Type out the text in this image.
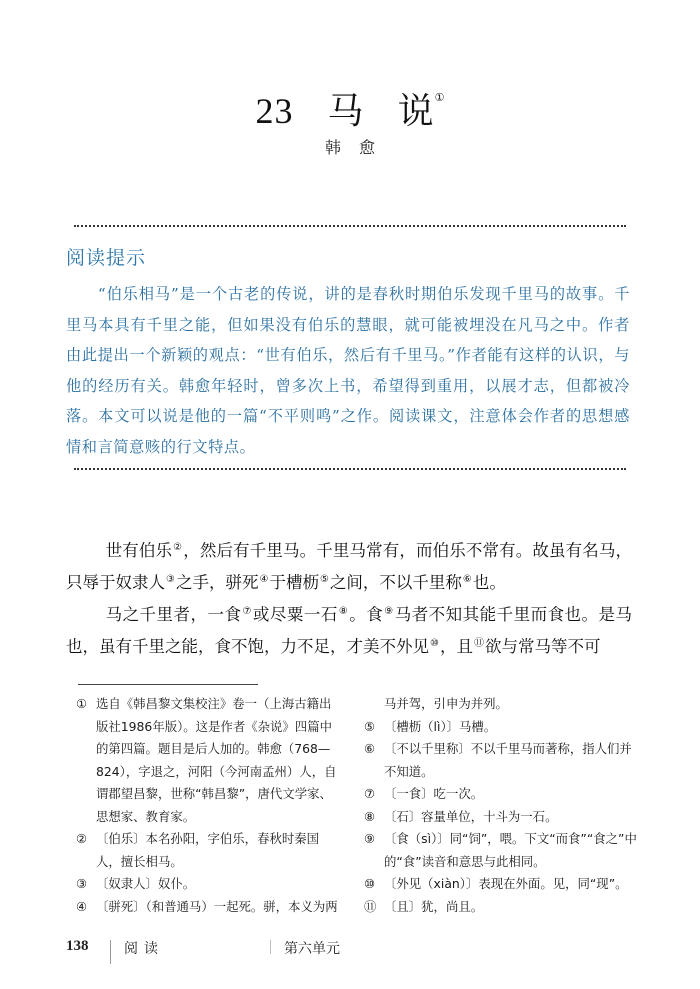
23 马 说①
韩 愈
阅读提示

“伯乐相马”是一个古老的传说，讲的是春秋时期伯乐发现千里马的故事。千里马本具有千里之能，但如果没有伯乐的慧眼，就可能被埋没在凡马之中。作者由此提出一个新颖的观点：“世有伯乐，然后有千里马。”作者能有这样的认识，与他的经历有关。韩愈年轻时，曾多次上书，希望得到重用，以展才志，但都被冷落。本文可以说是他的一篇“不平则鸣”之作。阅读课文，注意体会作者的思想感情和言简意赅的行文特点。

世有伯乐②，然后有千里马。千里马常有，而伯乐不常有。故虽有名马，只辱于奴隶人③之手，骈死④于槽枥⑤之间，不以千里称⑥也。

马之千里者，一食⑦或尽粟一石⑧。食⑨马者不知其能千里而食也。是马也，虽有千里之能，食不饱，力不足，才美不外见⑩，且⑪欲与常马等不可

① 选自《韩昌黎文集校注》卷一（上海古籍出版社1986年版）。这是作者《杂说》四篇中的第四篇。题目是后人加的。韩愈（768—824），字退之，河阳（今河南孟州）人，自谓郡望昌黎，世称“韩昌黎”，唐代文学家、思想家、教育家。
② 〔伯乐〕本名孙阳，字伯乐，春秋时秦国人，擅长相马。
③ 〔奴隶人〕奴仆。
④ 〔骈死〕（和普通马）一起死。骈，本义为两
马并驾，引申为并列。
⑤ 〔槽枥（lì）〕马槽。
⑥ 〔不以千里称〕不以千里马而著称，指人们并不知道。
⑦ 〔一食〕吃一次。
⑧ 〔石〕容量单位，十斗为一石。
⑨ 〔食（sì）〕同“饲”，喂。下文“而食”“食之”中的“食”读音和意思与此相同。
⑩ 〔外见（xiàn）〕表现在外面。见，同“现”。
⑪ 〔且〕犹，尚且。
138	阅读	第六单元
